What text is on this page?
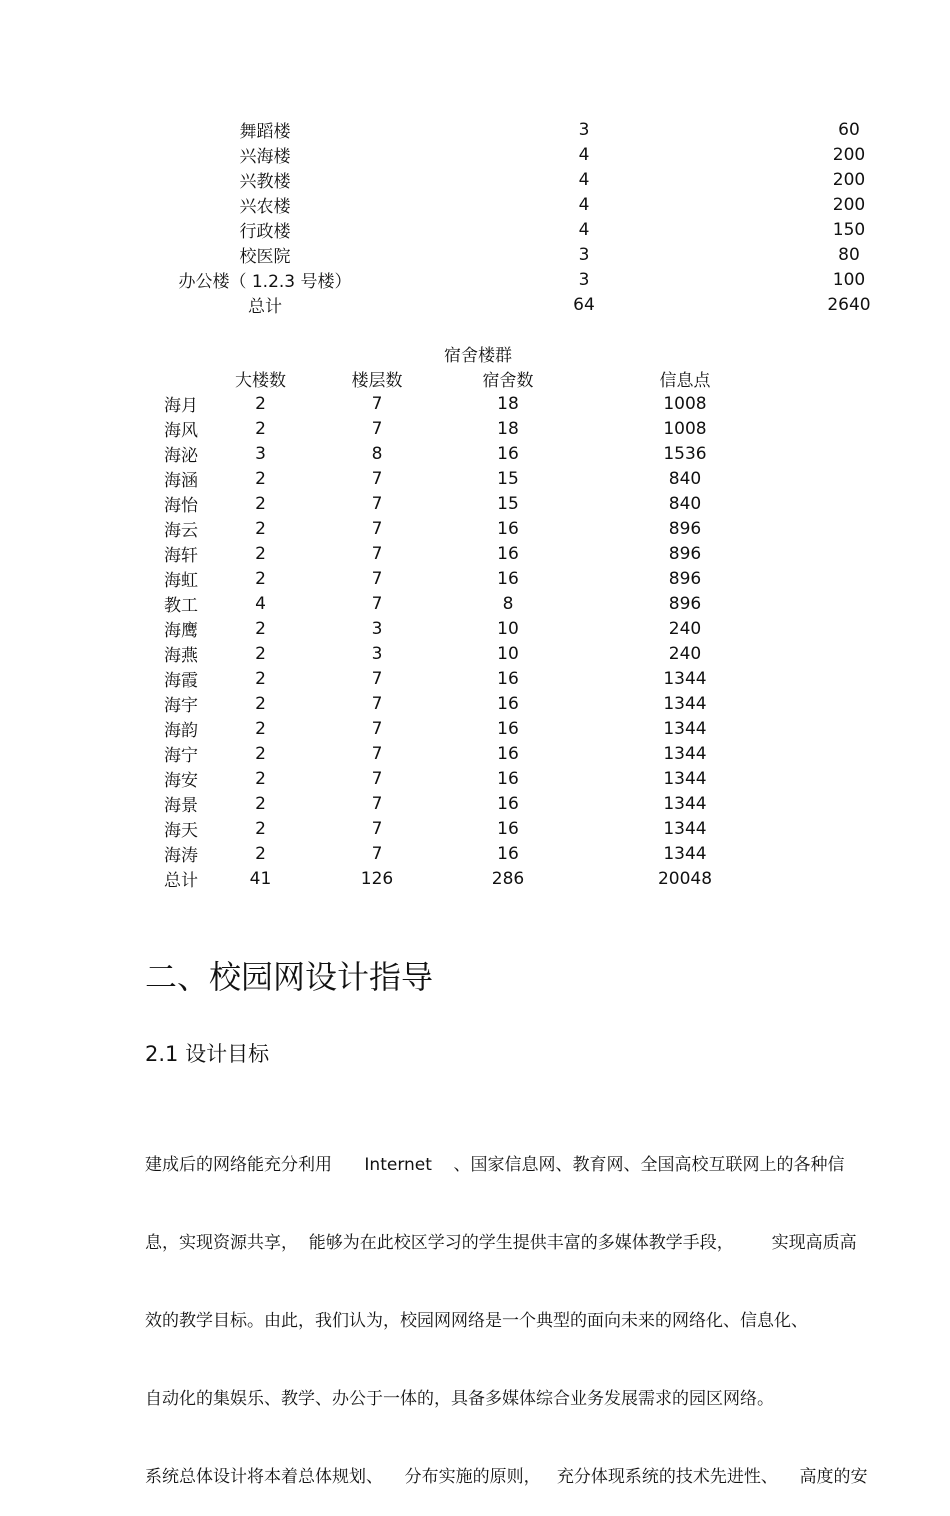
舞蹈楼	3	60
兴海楼	4	200
兴教楼	4	200
兴农楼	4	200
行政楼	4	150
校医院	3	80
办公楼（ 1.2.3 号楼）	3	100
总计	64	2640
宿舍楼群
	大楼数	楼层数	宿舍数	信息点
海月	2	7	18	1008
海风	2	7	18	1008
海泌	3	8	16	1536
海涵	2	7	15	840
海怡	2	7	15	840
海云	2	7	16	896
海轩	2	7	16	896
海虹	2	7	16	896
教工	4	7	8	896
海鹰	2	3	10	240
海燕	2	3	10	240
海霞	2	7	16	1344
海宇	2	7	16	1344
海韵	2	7	16	1344
海宁	2	7	16	1344
海安	2	7	16	1344
海景	2	7	16	1344
海天	2	7	16	1344
海涛	2	7	16	1344
总计	41	126	286	20048
二、校园网设计指导
2.1 设计目标

建成后的网络能充分利用      Internet    、国家信息网、教育网、全国高校互联网上的各种信

息，实现资源共享，  能够为在此校区学习的学生提供丰富的多媒体教学手段，       实现高质高

效的教学目标。由此，我们认为，校园网网络是一个典型的面向未来的网络化、信息化、

自动化的集娱乐、教学、办公于一体的，具备多媒体综合业务发展需求的园区网络。

系统总体设计将本着总体规划、    分布实施的原则，   充分体现系统的技术先进性、    高度的安
